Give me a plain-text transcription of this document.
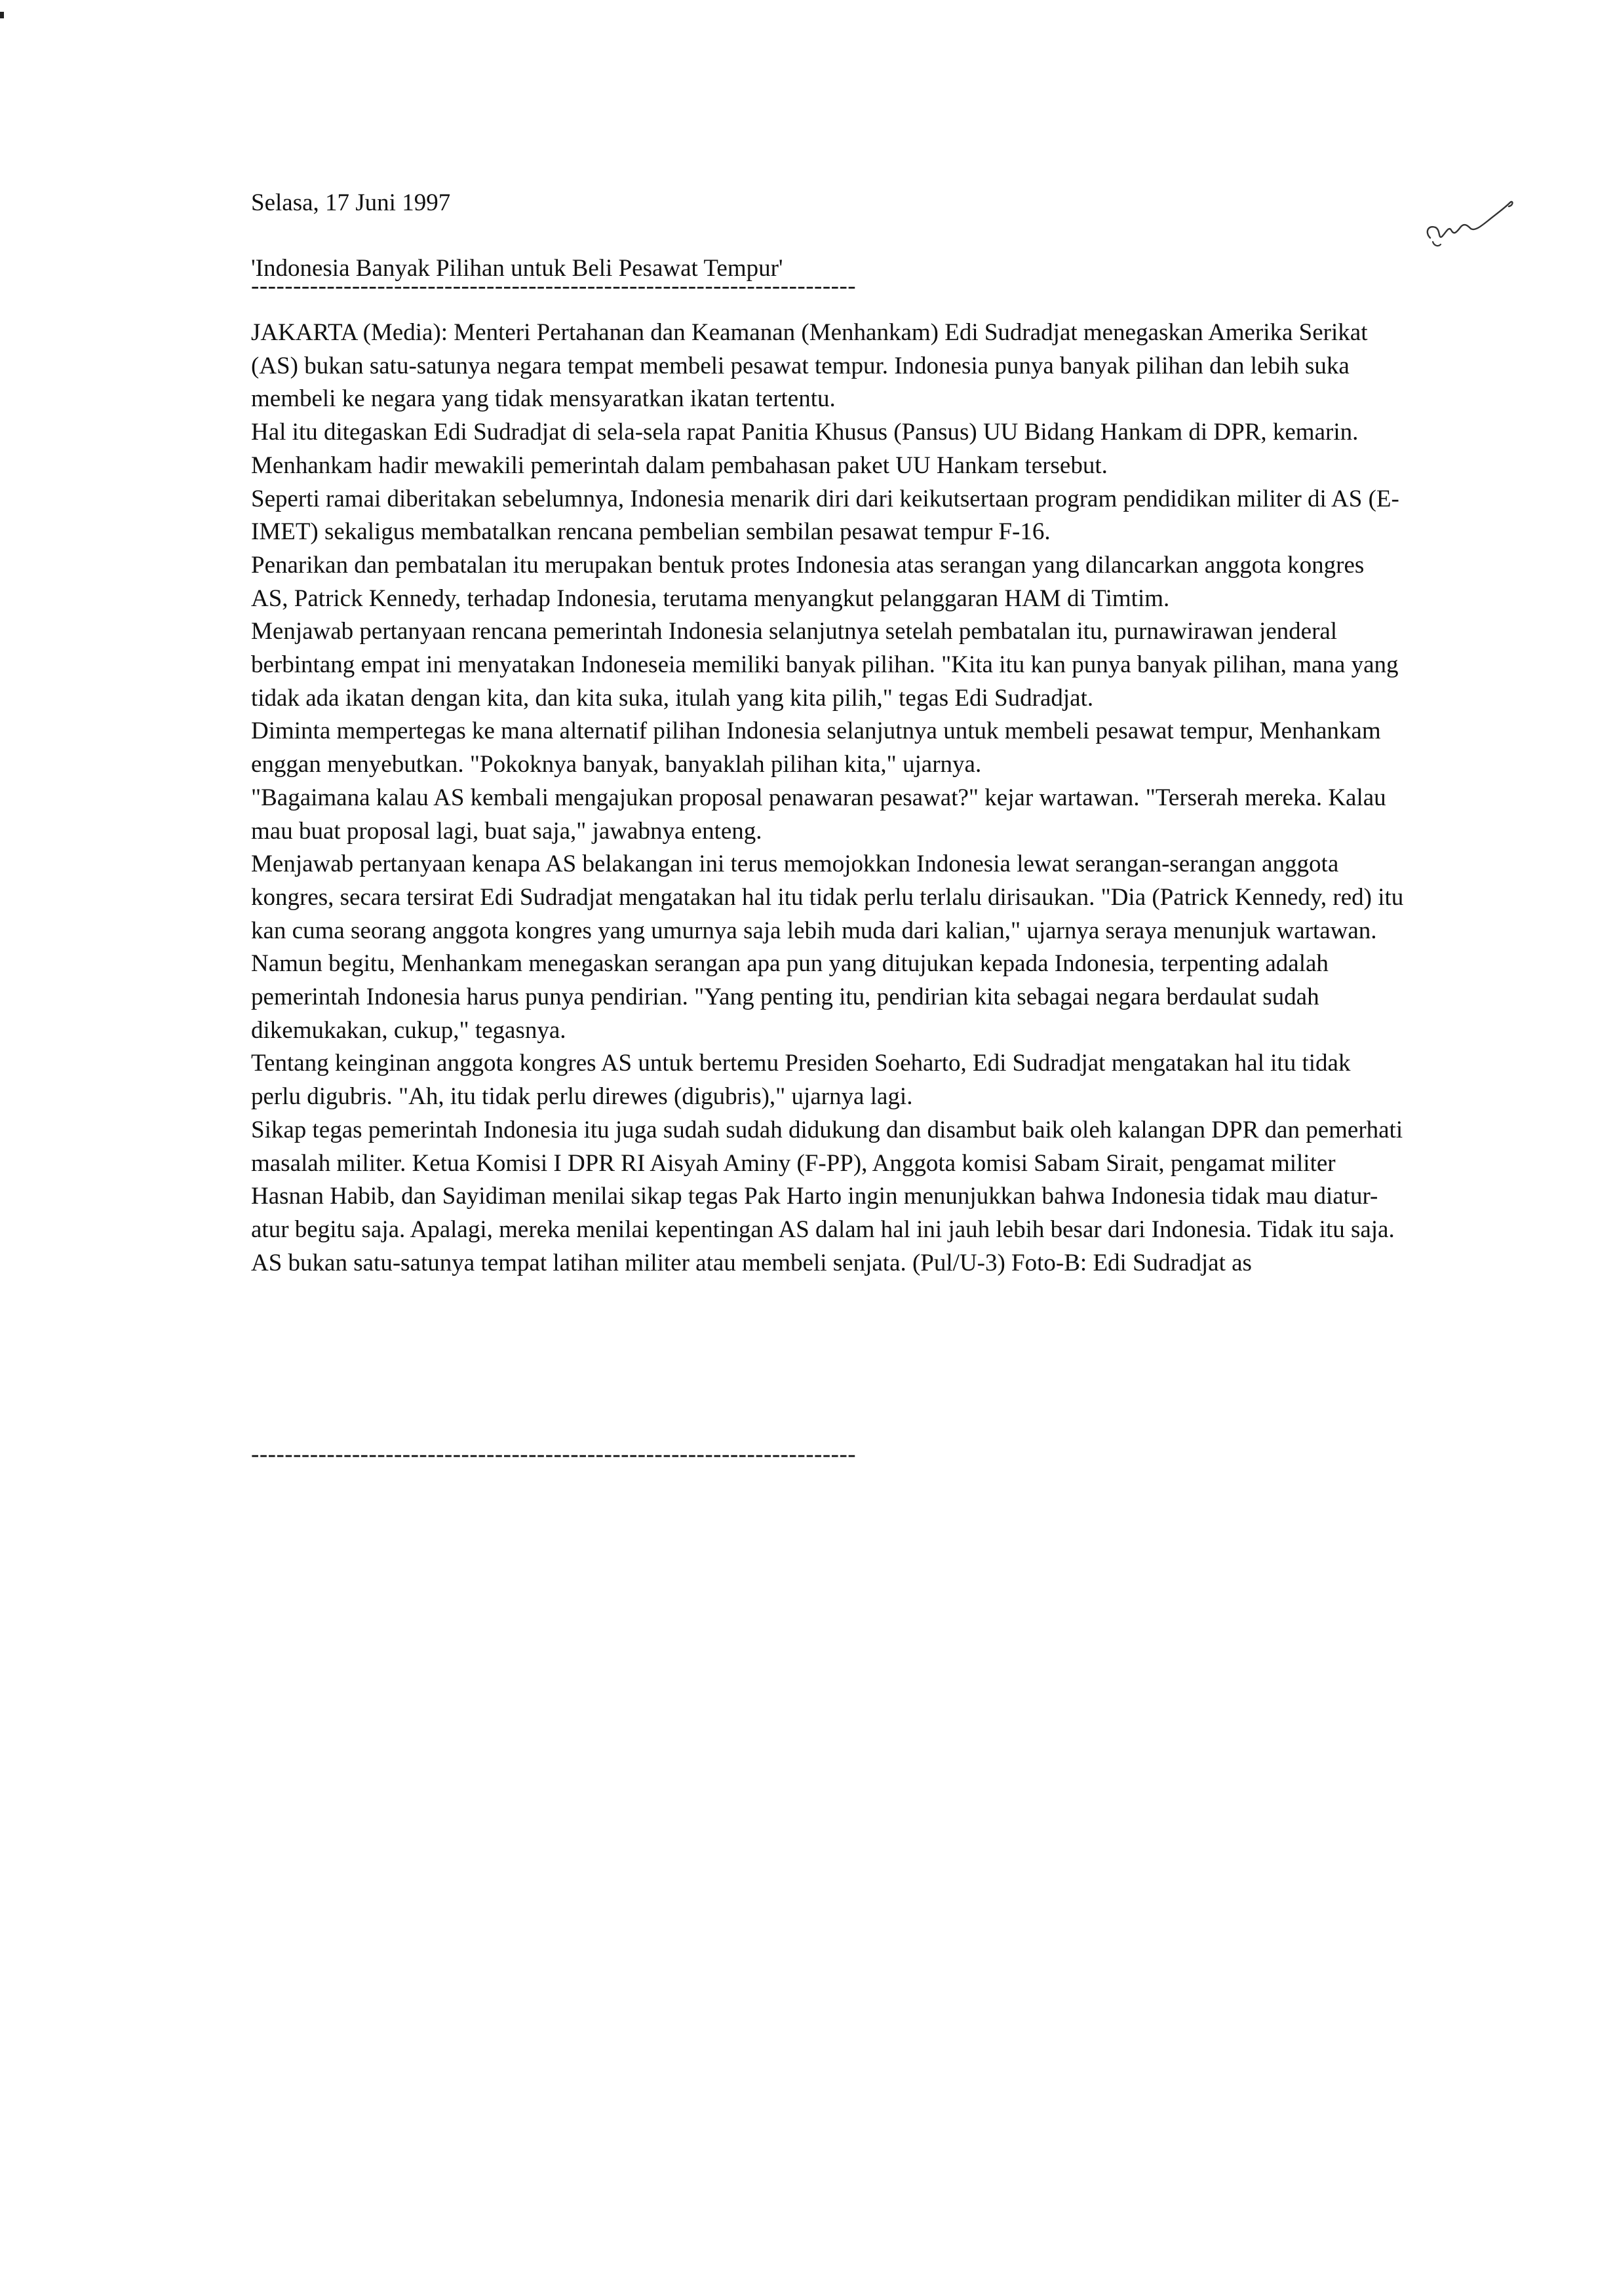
Selasa, 17 Juni 1997
'Indonesia Banyak Pilihan untuk Beli Pesawat Tempur'

JAKARTA (Media): Menteri Pertahanan dan Keamanan (Menhankam) Edi Sudradjat menegaskan Amerika Serikat (AS) bukan satu-satunya negara tempat membeli pesawat tempur. Indonesia punya banyak pilihan dan lebih suka membeli ke negara yang tidak mensyaratkan ikatan tertentu.

Hal itu ditegaskan Edi Sudradjat di sela-sela rapat Panitia Khusus (Pansus) UU Bidang Hankam di DPR, kemarin. Menhankam hadir mewakili pemerintah dalam pembahasan paket UU Hankam tersebut.

Seperti ramai diberitakan sebelumnya, Indonesia menarik diri dari keikutsertaan program pendidikan militer di AS (E-IMET) sekaligus membatalkan rencana pembelian sembilan pesawat tempur F-16.

Penarikan dan pembatalan itu merupakan bentuk protes Indonesia atas serangan yang dilancarkan anggota kongres AS, Patrick Kennedy, terhadap Indonesia, terutama menyangkut pelanggaran HAM di Timtim.

Menjawab pertanyaan rencana pemerintah Indonesia selanjutnya setelah pembatalan itu, purnawirawan jenderal berbintang empat ini menyatakan Indoneseia memiliki banyak pilihan. "Kita itu kan punya banyak pilihan, mana yang tidak ada ikatan dengan kita, dan kita suka, itulah yang kita pilih," tegas Edi Sudradjat.

Diminta mempertegas ke mana alternatif pilihan Indonesia selanjutnya untuk membeli pesawat tempur, Menhankam enggan menyebutkan. "Pokoknya banyak, banyaklah pilihan kita," ujarnya.

"Bagaimana kalau AS kembali mengajukan proposal penawaran pesawat?" kejar wartawan. "Terserah mereka. Kalau mau buat proposal lagi, buat saja," jawabnya enteng.

Menjawab pertanyaan kenapa AS belakangan ini terus memojokkan Indonesia lewat serangan-serangan anggota kongres, secara tersirat Edi Sudradjat mengatakan hal itu tidak perlu terlalu dirisaukan. "Dia (Patrick Kennedy, red) itu kan cuma seorang anggota kongres yang umurnya saja lebih muda dari kalian," ujarnya seraya menunjuk wartawan.

Namun begitu, Menhankam menegaskan serangan apa pun yang ditujukan kepada Indonesia, terpenting adalah pemerintah Indonesia harus punya pendirian. "Yang penting itu, pendirian kita sebagai negara berdaulat sudah dikemukakan, cukup," tegasnya.

Tentang keinginan anggota kongres AS untuk bertemu Presiden Soeharto, Edi Sudradjat mengatakan hal itu tidak perlu digubris. "Ah, itu tidak perlu direwes (digubris)," ujarnya lagi.

Sikap tegas pemerintah Indonesia itu juga sudah sudah didukung dan disambut baik oleh kalangan DPR dan pemerhati masalah militer. Ketua Komisi I DPR RI Aisyah Aminy (F-PP), Anggota komisi Sabam Sirait, pengamat militer Hasnan Habib, dan Sayidiman menilai sikap tegas Pak Harto ingin menunjukkan bahwa Indonesia tidak mau diatur-atur begitu saja. Apalagi, mereka menilai kepentingan AS dalam hal ini jauh lebih besar dari Indonesia. Tidak itu saja. AS bukan satu-satunya tempat latihan militer atau membeli senjata. (Pul/U-3) Foto-B: Edi Sudradjat as
